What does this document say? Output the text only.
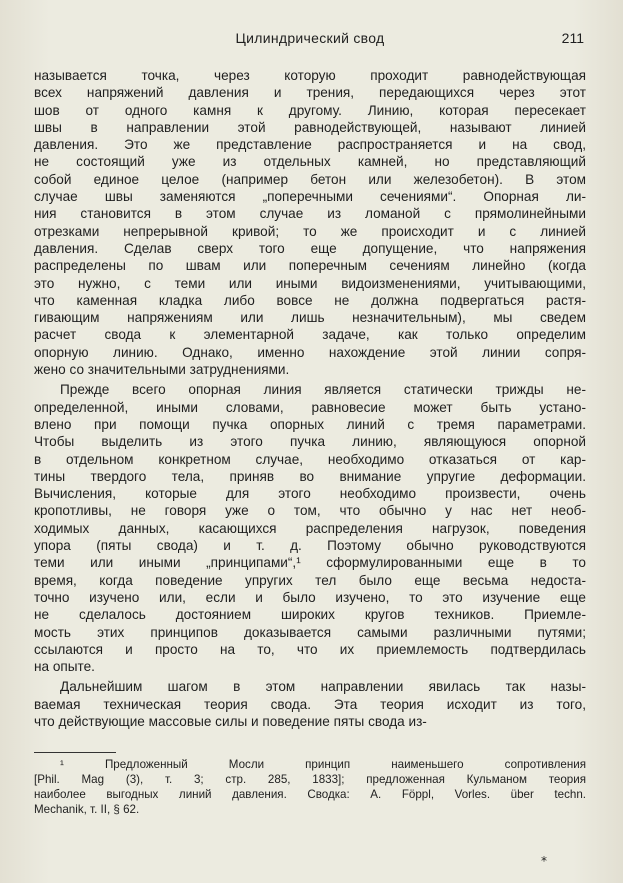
Цилиндрический свод	211
называется точка, через которую проходит равнодействующая
всех напряжений давления и трения, передающихся через этот
шов от одного камня к другому. Линию, которая пересекает
швы в направлении этой равнодействующей, называют линией
давления. Это же представление распространяется и на свод,
не состоящий уже из отдельных камней, но представляющий
собой единое целое (например бетон или железобетон). В этом
случае швы заменяются „поперечными сечениями“. Опорная ли-
ния становится в этом случае из ломаной с прямолинейными
отрезками непрерывной кривой; то же происходит и с линией
давления. Сделав сверх того еще допущение, что напряжения
распределены по швам или поперечным сечениям линейно (когда
это нужно, с теми или иными видоизменениями, учитывающими,
что каменная кладка либо вовсе не должна подвергаться растя-
гивающим напряжениям или лишь незначительным), мы сведем
расчет свода к элементарной задаче, как только определим
опорную линию. Однако, именно нахождение этой линии сопря-
жено со значительными затруднениями.
Прежде всего опорная линия является статически трижды не-
определенной, иными словами, равновесие может быть устано-
влено при помощи пучка опорных линий с тремя параметрами.
Чтобы выделить из этого пучка линию, являющуюся опорной
в отдельном конкретном случае, необходимо отказаться от кар-
тины твердого тела, приняв во внимание упругие деформации.
Вычисления, которые для этого необходимо произвести, очень
кропотливы, не говоря уже о том, что обычно у нас нет необ-
ходимых данных, касающихся распределения нагрузок, поведения
упора (пяты свода) и т. д. Поэтому обычно руководствуются
теми или иными „принципами“,¹ сформулированными еще в то
время, когда поведение упругих тел было еще весьма недоста-
точно изучено или, если и было изучено, то это изучение еще
не сделалось достоянием широких кругов техников. Приемле-
мость этих принципов доказывается самыми различными путями;
ссылаются и просто на то, что их приемлемость подтвердилась
на опыте.
Дальнейшим шагом в этом направлении явилась так назы-
ваемая техническая теория свода. Эта теория исходит из того,
что действующие массовые силы и поведение пяты свода из-
¹ Предложенный Мосли принцип наименьшего сопротивления
[Phil. Mag (3), т. 3; стр. 285, 1833]; предложенная Кульманом теория
наиболее выгодных линий давления. Сводка: A. Föppl, Vorles. über techn.
Mechanik, т. II, § 62.
*
